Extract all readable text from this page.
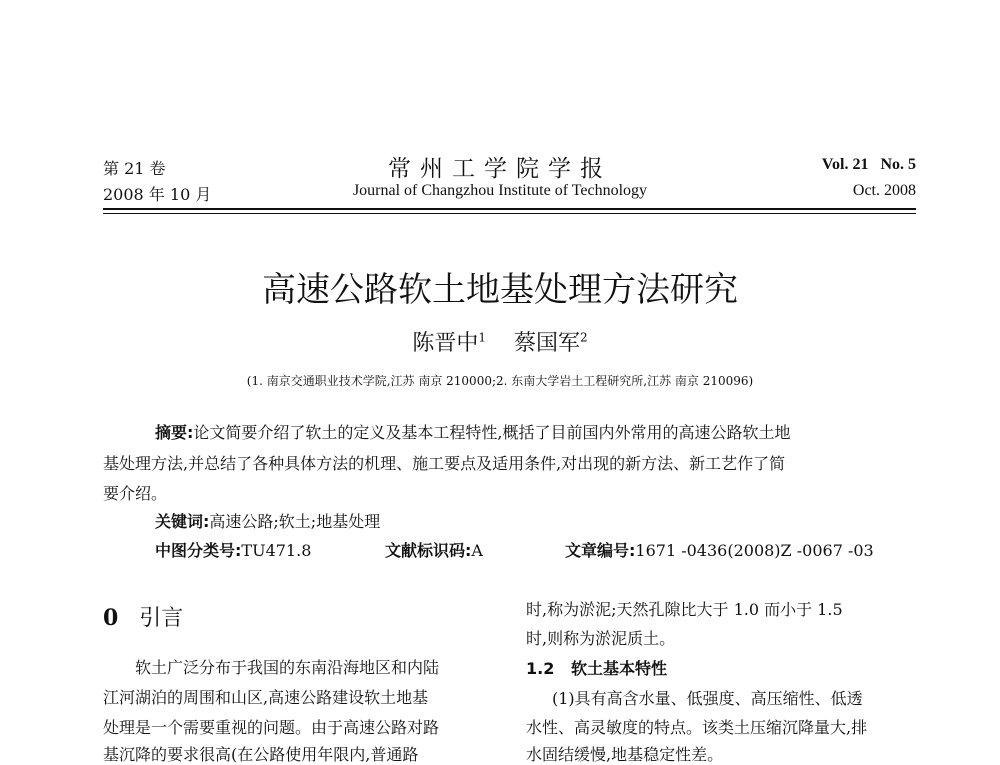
第 21 卷
2008 年 10 月
常州工学院学报
Journal of Changzhou Institute of Technology
Vol. 21   No. 5
Oct. 2008
高速公路软土地基处理方法研究
陈晋中$^1$ 蔡国军$^2$
(1. 南京交通职业技术学院,江苏 南京 210000;2. 东南大学岩土工程研究所,江苏 南京 210096)
摘要:论文简要介绍了软土的定义及基本工程特性,概括了目前国内外常用的高速公路软土地
基处理方法,并总结了各种具体方法的机理、施工要点及适用条件,对出现的新方法、新工艺作了简
要介绍。
关键词:高速公路;软土;地基处理
中图分类号:TU471.8	文献标识码:A	文章编号:1671 -0436(2008)Z -0067 -03
0 引言
软土广泛分布于我国的东南沿海地区和内陆
江河湖泊的周围和山区,高速公路建设软土地基
处理是一个需要重视的问题。由于高速公路对路
基沉降的要求很高(在公路使用年限内,普通路
时,称为淤泥;天然孔隙比大于 1.0 而小于 1.5
时,则称为淤泥质土。
1.2   软土基本特性
(1)具有高含水量、低强度、高压缩性、低透
水性、高灵敏度的特点。该类土压缩沉降量大,排
水固结缓慢,地基稳定性差。
